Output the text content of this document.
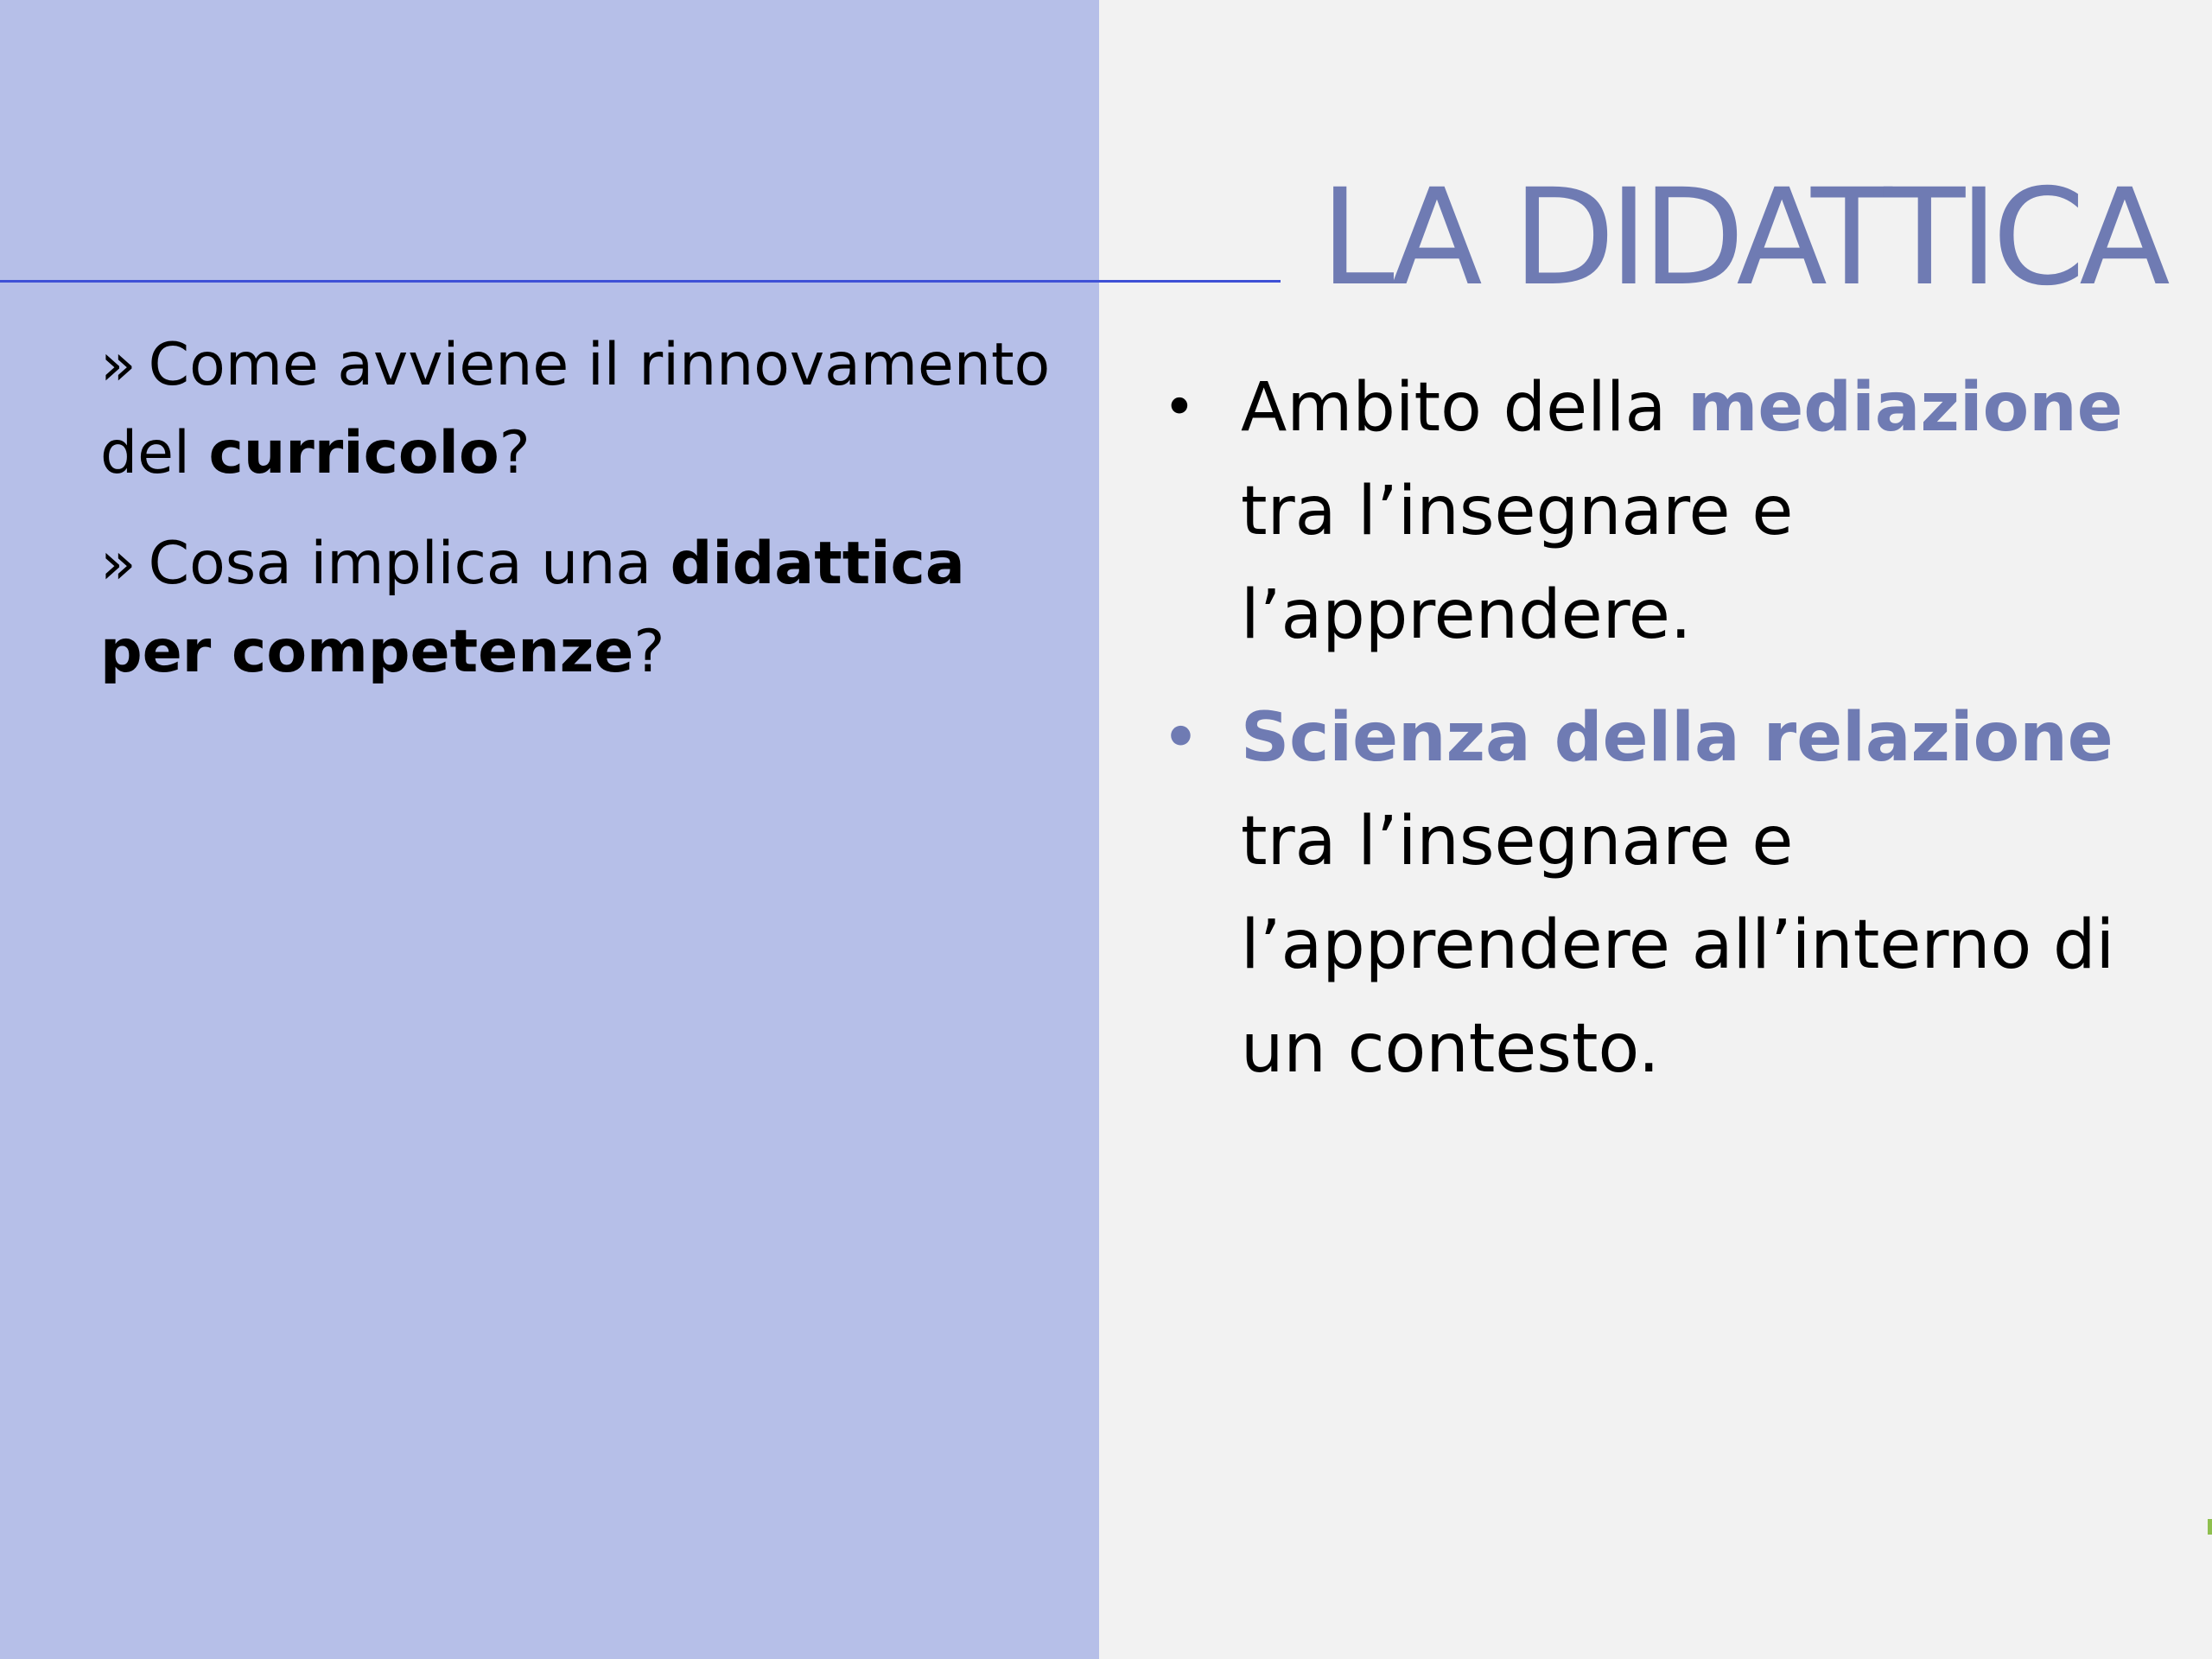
LA DIDATTICA
» Come avviene il rinnovamento del curricolo?
» Cosa implica una didattica per competenze?
• Ambito della mediazione tra l’insegnare e l’apprendere.
• Scienza della relazione tra l’insegnare e l’apprendere all’interno di un contesto.
